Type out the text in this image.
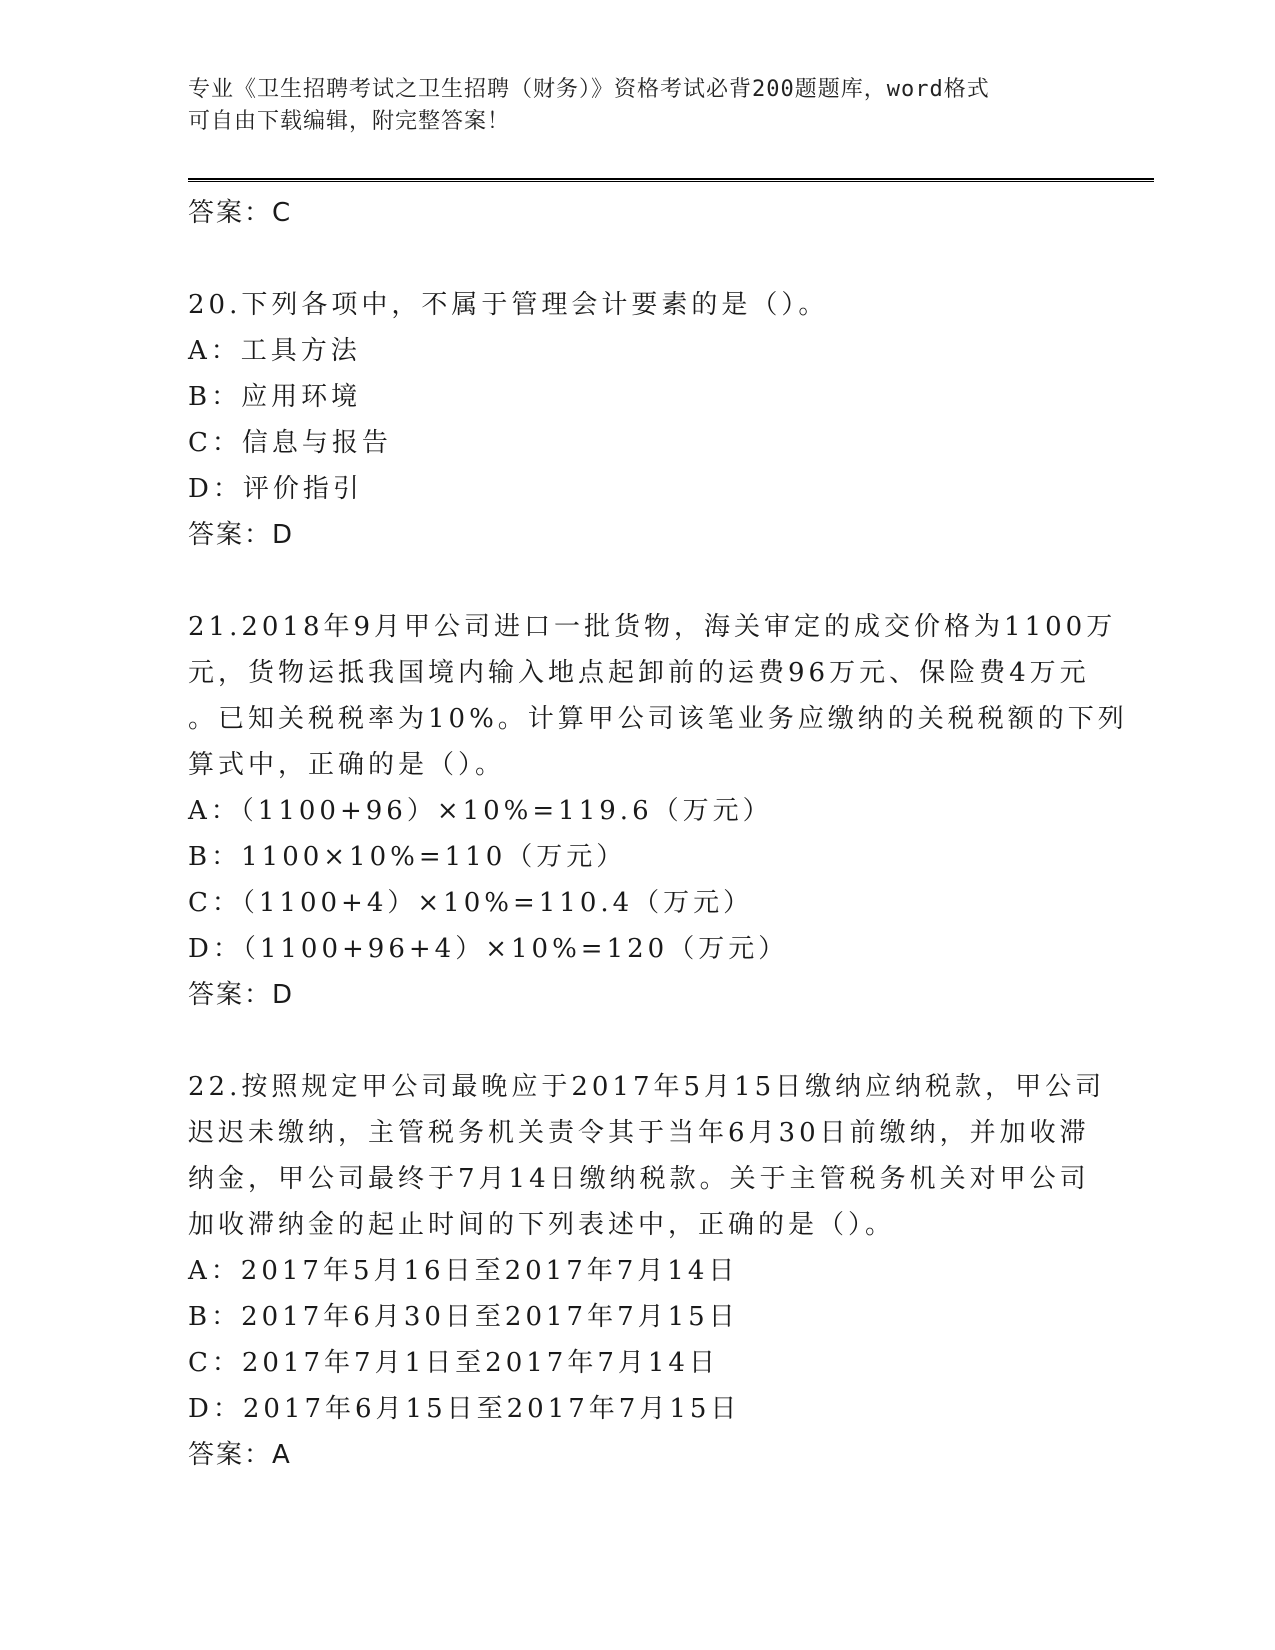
专业《卫生招聘考试之卫生招聘（财务）》资格考试必背200题题库，word格式
可自由下载编辑，附完整答案！
答案：C
20.下列各项中，不属于管理会计要素的是（）。
A：工具方法
B：应用环境
C：信息与报告
D：评价指引
答案：D
21.2018年9月甲公司进口一批货物，海关审定的成交价格为1100万
元，货物运抵我国境内输入地点起卸前的运费96万元、保险费4万元
。已知关税税率为10%。计算甲公司该笔业务应缴纳的关税税额的下列
算式中，正确的是（）。
A：（1100+96）×10%=119.6（万元）
B：1100×10%=110（万元）
C：（1100+4）×10%=110.4（万元）
D：（1100+96+4）×10%=120（万元）
答案：D
22.按照规定甲公司最晚应于2017年5月15日缴纳应纳税款，甲公司
迟迟未缴纳，主管税务机关责令其于当年6月30日前缴纳，并加收滞
纳金，甲公司最终于7月14日缴纳税款。关于主管税务机关对甲公司
加收滞纳金的起止时间的下列表述中，正确的是（）。
A：2017年5月16日至2017年7月14日
B：2017年6月30日至2017年7月15日
C：2017年7月1日至2017年7月14日
D：2017年6月15日至2017年7月15日
答案：A
